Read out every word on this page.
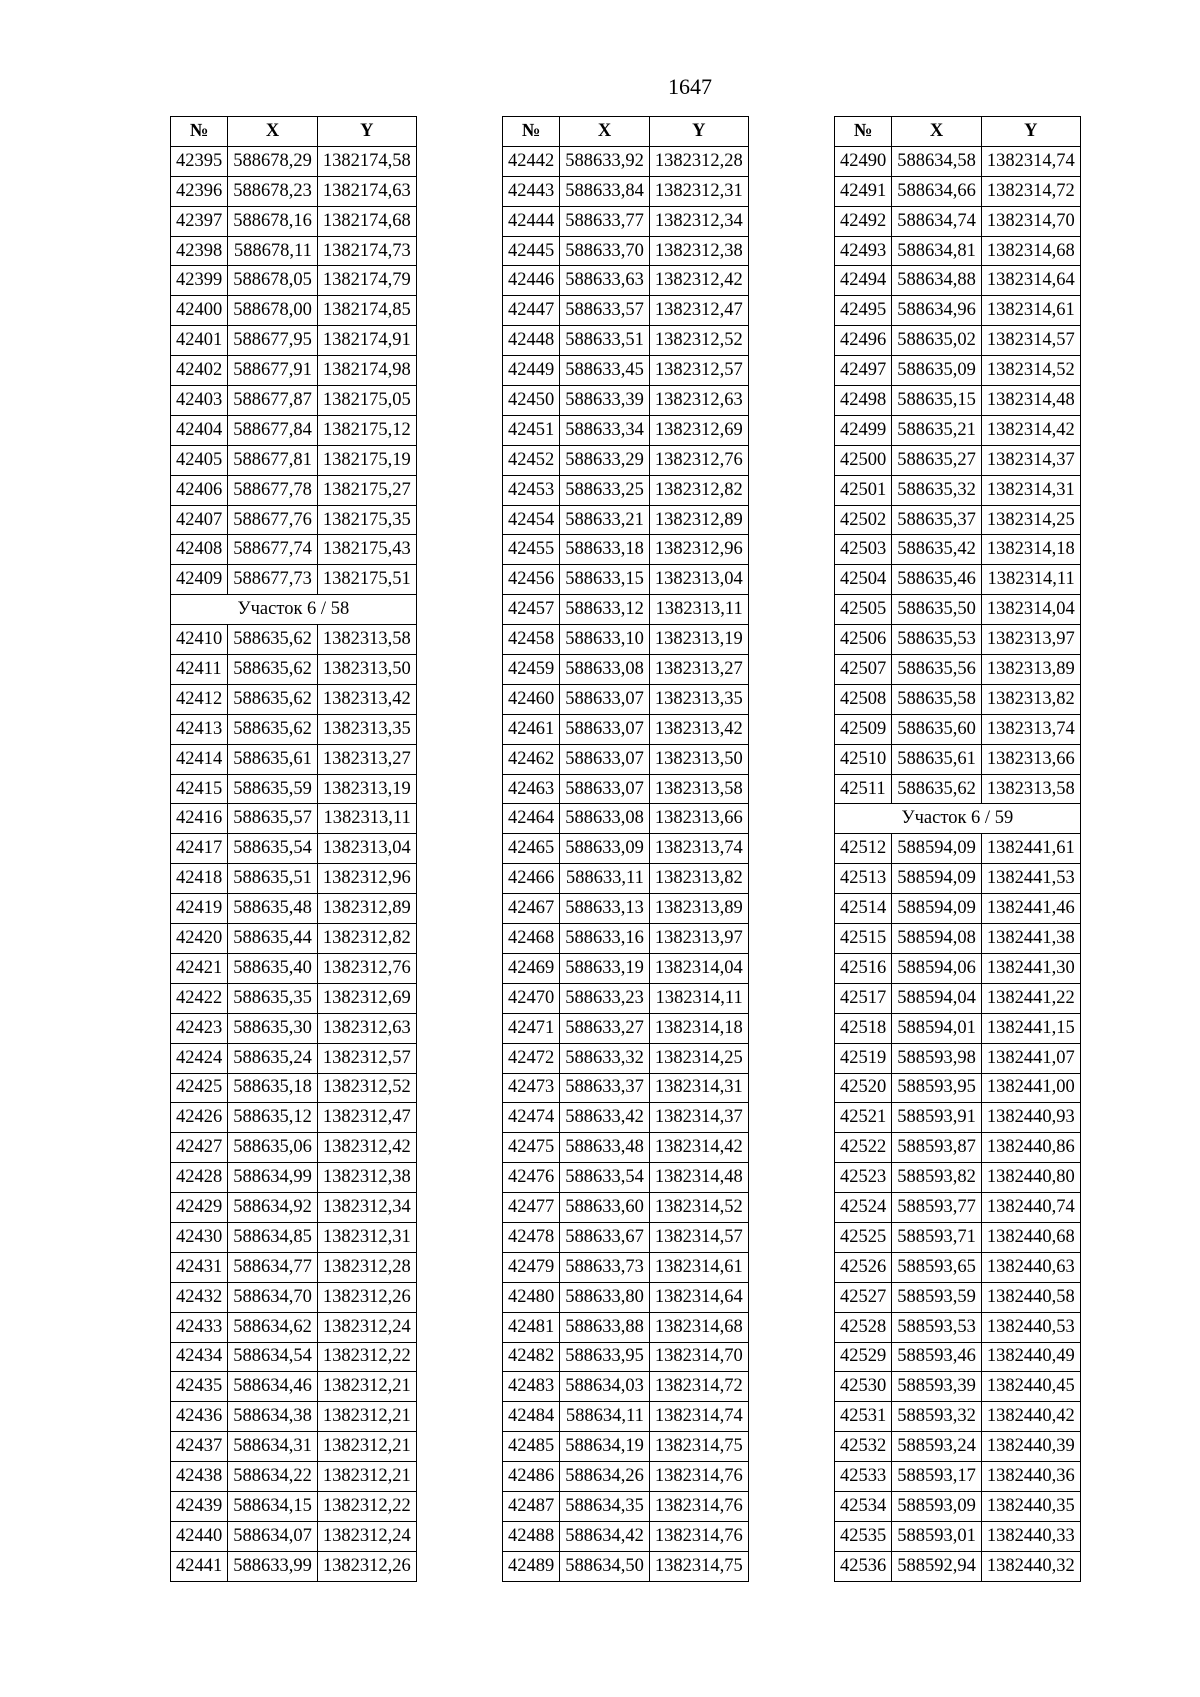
1647
№	X	Y
42395	588678,29	1382174,58
42396	588678,23	1382174,63
42397	588678,16	1382174,68
42398	588678,11	1382174,73
42399	588678,05	1382174,79
42400	588678,00	1382174,85
42401	588677,95	1382174,91
42402	588677,91	1382174,98
42403	588677,87	1382175,05
42404	588677,84	1382175,12
42405	588677,81	1382175,19
42406	588677,78	1382175,27
42407	588677,76	1382175,35
42408	588677,74	1382175,43
42409	588677,73	1382175,51
Участок 6 / 58		
42410	588635,62	1382313,58
42411	588635,62	1382313,50
42412	588635,62	1382313,42
42413	588635,62	1382313,35
42414	588635,61	1382313,27
42415	588635,59	1382313,19
42416	588635,57	1382313,11
42417	588635,54	1382313,04
42418	588635,51	1382312,96
42419	588635,48	1382312,89
42420	588635,44	1382312,82
42421	588635,40	1382312,76
42422	588635,35	1382312,69
42423	588635,30	1382312,63
42424	588635,24	1382312,57
42425	588635,18	1382312,52
42426	588635,12	1382312,47
42427	588635,06	1382312,42
42428	588634,99	1382312,38
42429	588634,92	1382312,34
42430	588634,85	1382312,31
42431	588634,77	1382312,28
42432	588634,70	1382312,26
42433	588634,62	1382312,24
42434	588634,54	1382312,22
42435	588634,46	1382312,21
42436	588634,38	1382312,21
42437	588634,31	1382312,21
42438	588634,22	1382312,21
42439	588634,15	1382312,22
42440	588634,07	1382312,24
42441	588633,99	1382312,26
№	X	Y
42442	588633,92	1382312,28
42443	588633,84	1382312,31
42444	588633,77	1382312,34
42445	588633,70	1382312,38
42446	588633,63	1382312,42
42447	588633,57	1382312,47
42448	588633,51	1382312,52
42449	588633,45	1382312,57
42450	588633,39	1382312,63
42451	588633,34	1382312,69
42452	588633,29	1382312,76
42453	588633,25	1382312,82
42454	588633,21	1382312,89
42455	588633,18	1382312,96
42456	588633,15	1382313,04
42457	588633,12	1382313,11
42458	588633,10	1382313,19
42459	588633,08	1382313,27
42460	588633,07	1382313,35
42461	588633,07	1382313,42
42462	588633,07	1382313,50
42463	588633,07	1382313,58
42464	588633,08	1382313,66
42465	588633,09	1382313,74
42466	588633,11	1382313,82
42467	588633,13	1382313,89
42468	588633,16	1382313,97
42469	588633,19	1382314,04
42470	588633,23	1382314,11
42471	588633,27	1382314,18
42472	588633,32	1382314,25
42473	588633,37	1382314,31
42474	588633,42	1382314,37
42475	588633,48	1382314,42
42476	588633,54	1382314,48
42477	588633,60	1382314,52
42478	588633,67	1382314,57
42479	588633,73	1382314,61
42480	588633,80	1382314,64
42481	588633,88	1382314,68
42482	588633,95	1382314,70
42483	588634,03	1382314,72
42484	588634,11	1382314,74
42485	588634,19	1382314,75
42486	588634,26	1382314,76
42487	588634,35	1382314,76
42488	588634,42	1382314,76
42489	588634,50	1382314,75
№	X	Y
42490	588634,58	1382314,74
42491	588634,66	1382314,72
42492	588634,74	1382314,70
42493	588634,81	1382314,68
42494	588634,88	1382314,64
42495	588634,96	1382314,61
42496	588635,02	1382314,57
42497	588635,09	1382314,52
42498	588635,15	1382314,48
42499	588635,21	1382314,42
42500	588635,27	1382314,37
42501	588635,32	1382314,31
42502	588635,37	1382314,25
42503	588635,42	1382314,18
42504	588635,46	1382314,11
42505	588635,50	1382314,04
42506	588635,53	1382313,97
42507	588635,56	1382313,89
42508	588635,58	1382313,82
42509	588635,60	1382313,74
42510	588635,61	1382313,66
42511	588635,62	1382313,58
Участок 6 / 59		
42512	588594,09	1382441,61
42513	588594,09	1382441,53
42514	588594,09	1382441,46
42515	588594,08	1382441,38
42516	588594,06	1382441,30
42517	588594,04	1382441,22
42518	588594,01	1382441,15
42519	588593,98	1382441,07
42520	588593,95	1382441,00
42521	588593,91	1382440,93
42522	588593,87	1382440,86
42523	588593,82	1382440,80
42524	588593,77	1382440,74
42525	588593,71	1382440,68
42526	588593,65	1382440,63
42527	588593,59	1382440,58
42528	588593,53	1382440,53
42529	588593,46	1382440,49
42530	588593,39	1382440,45
42531	588593,32	1382440,42
42532	588593,24	1382440,39
42533	588593,17	1382440,36
42534	588593,09	1382440,35
42535	588593,01	1382440,33
42536	588592,94	1382440,32
